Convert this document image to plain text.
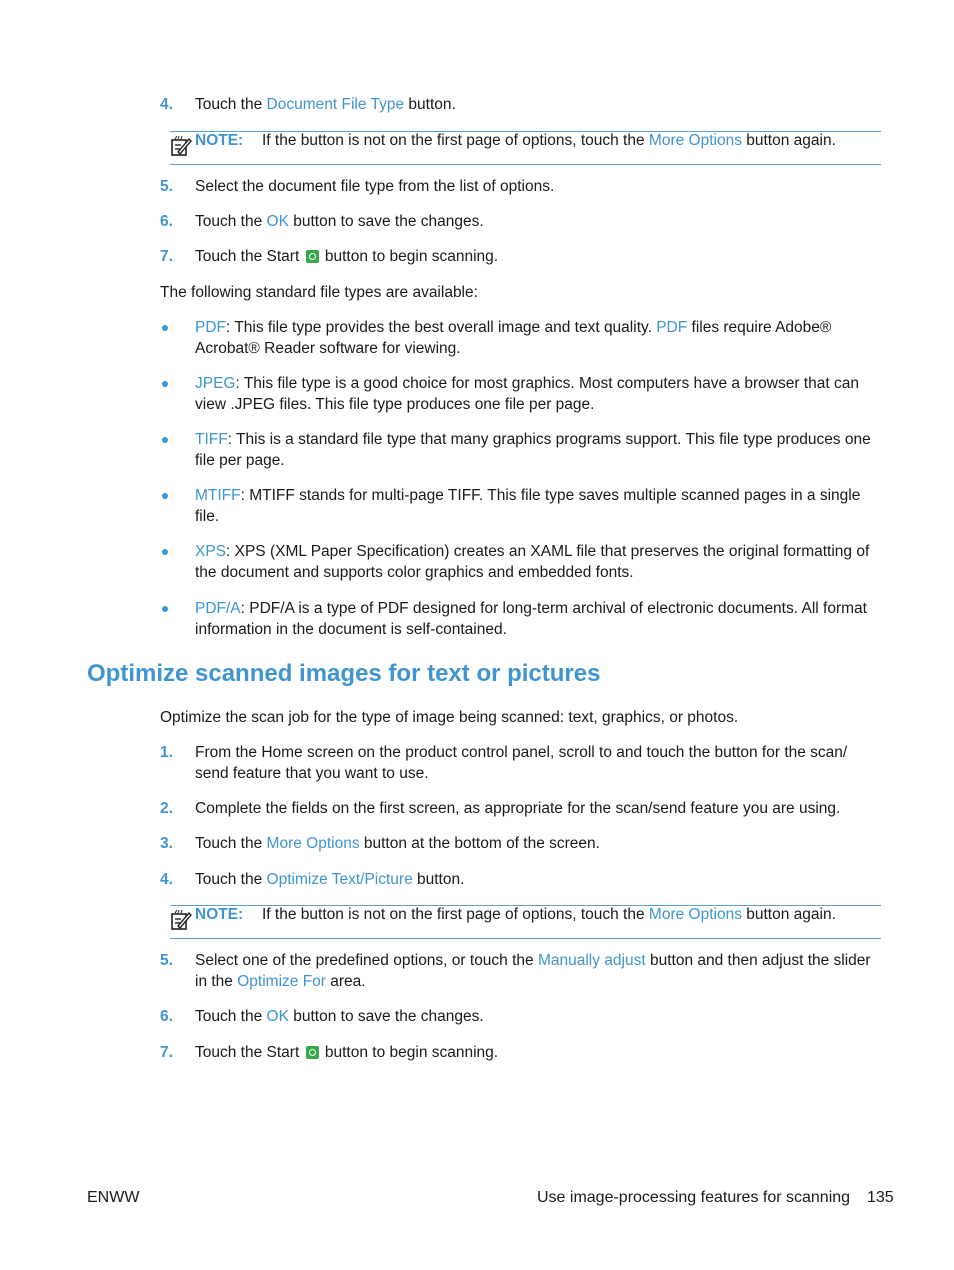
4. Touch the Document File Type button.
NOTE: If the button is not on the first page of options, touch the More Options button again.
5. Select the document file type from the list of options.
6. Touch the OK button to save the changes.
7. Touch the Start  button to begin scanning.
The following standard file types are available:
PDF: This file type provides the best overall image and text quality. PDF files require Adobe® Acrobat® Reader software for viewing.
JPEG: This file type is a good choice for most graphics. Most computers have a browser that can view .JPEG files. This file type produces one file per page.
TIFF: This is a standard file type that many graphics programs support. This file type produces one file per page.
MTIFF: MTIFF stands for multi-page TIFF. This file type saves multiple scanned pages in a single file.
XPS: XPS (XML Paper Specification) creates an XAML file that preserves the original formatting of the document and supports color graphics and embedded fonts.
PDF/A: PDF/A is a type of PDF designed for long-term archival of electronic documents. All format information in the document is self-contained.
Optimize scanned images for text or pictures
Optimize the scan job for the type of image being scanned: text, graphics, or photos.
1. From the Home screen on the product control panel, scroll to and touch the button for the scan/ send feature that you want to use.
2. Complete the fields on the first screen, as appropriate for the scan/send feature you are using.
3. Touch the More Options button at the bottom of the screen.
4. Touch the Optimize Text/Picture button.
NOTE: If the button is not on the first page of options, touch the More Options button again.
5. Select one of the predefined options, or touch the Manually adjust button and then adjust the slider in the Optimize For area.
6. Touch the OK button to save the changes.
7. Touch the Start  button to begin scanning.
ENWW	Use image-processing features for scanning 135
